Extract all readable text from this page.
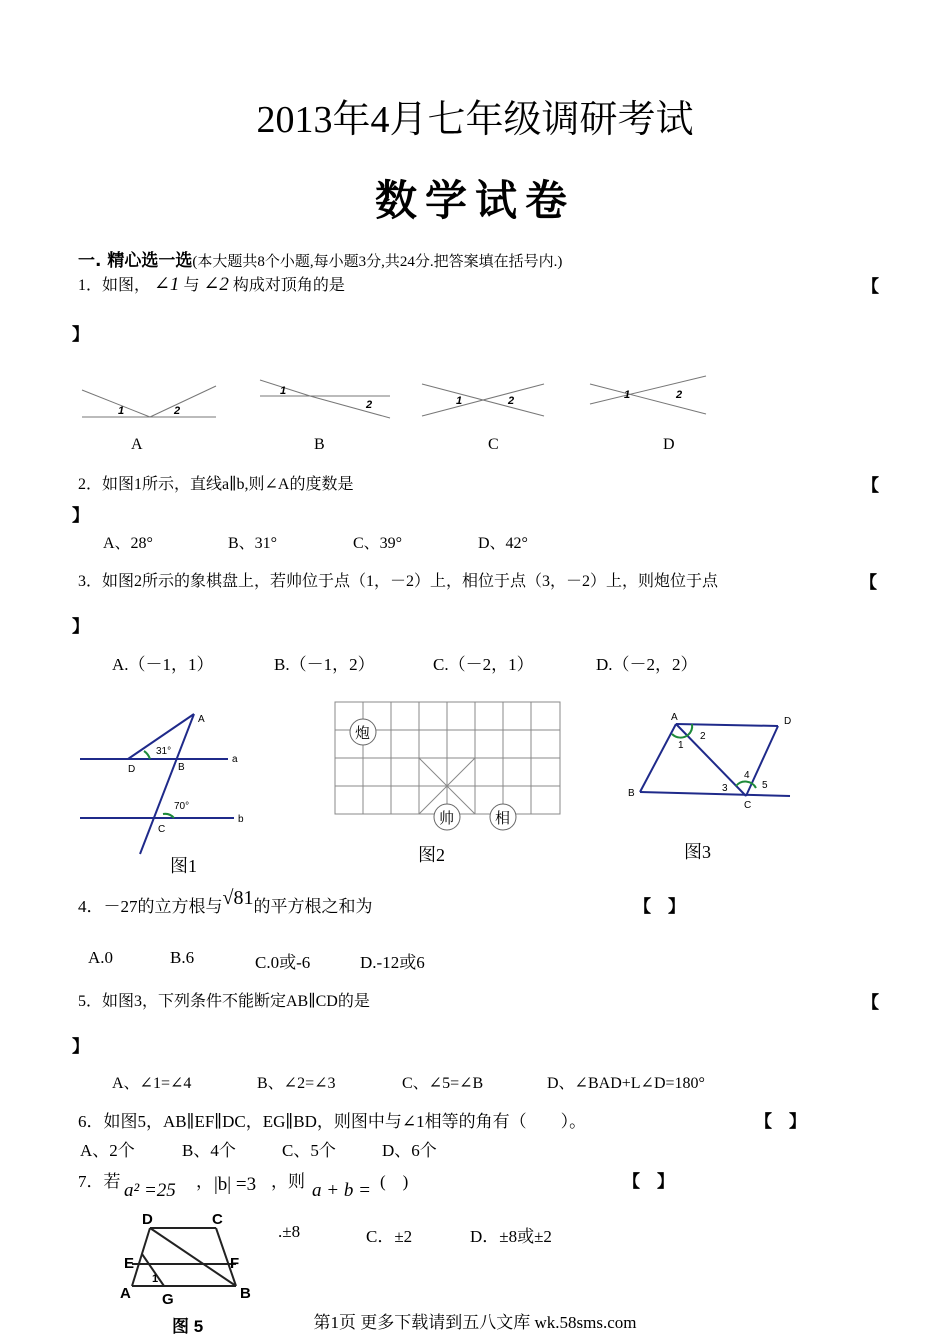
2013年4月七年级调研考试
数学试卷
一. 精心选一选(本大题共8个小题,每小题3分,共24分.把答案填在括号内.)
1．如图， ∠1 与 ∠2 构成对顶角的是	【
】
1	2
1
2	1	2	1	2
A	B	C	D
2．如图1所示，直线a∥b,则∠A的度数是	【
】
A、28°	B、31°	C、39°	D、42°
3．如图2所示的象棋盘上，若帅位于点（1，－2）上，相位于点（3，－2）上，则炮位于点	【
】
A.（－1，1）	B.（－1，2）	C.（－2，1）	D.（－2，2）
A
B
D
C
a
b
31°
70°
图1
炮
帅	相
图2
A	D
B
C
1
2
3
4
5
图3
4．－27的立方根与√81的平方根之和为	【　】
A.0	B.6	C.0或-6	D.-12或6
5．如图3，下列条件不能断定AB∥CD的是	【
】
A、∠1=∠4	B、∠2=∠3	C、∠5=∠B	D、∠BAD+L∠D=180°
6．如图5，AB∥EF∥DC，EG∥BD，则图中与∠1相等的角有（　　）。	【　】
A、2个	B、4个	C、5个	D、6个
7．若 a² =25 ， |b| =3 ，则 a + b = (　)	【　】
.±8	C．±2	D．±8或±2
D	C
E	F
A	B
G
1
图 5	第1页 更多下载请到五八文库 wk.58sms.com
